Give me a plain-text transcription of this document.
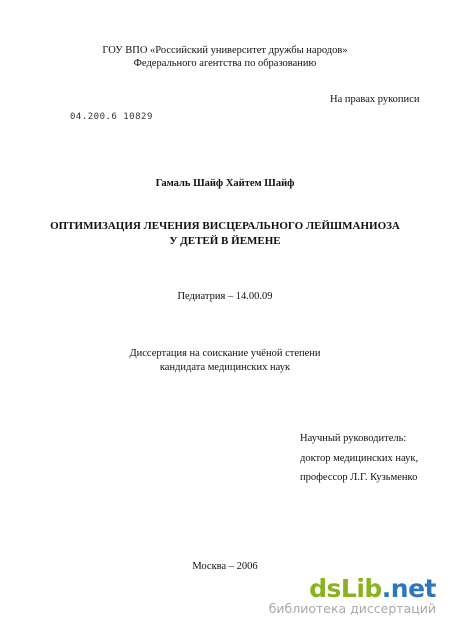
ГОУ ВПО «Российский университет дружбы народов»
Федерального агентства по образованию
На правах рукописи
04.200.6 10829
Гамаль Шайф Хайтем Шайф
ОПТИМИЗАЦИЯ ЛЕЧЕНИЯ ВИСЦЕРАЛЬНОГО ЛЕЙШМАНИОЗА
У ДЕТЕЙ В ЙЕМЕНЕ
Педиатрия – 14.00.09
Диссертация на соискание учёной степени
кандидата медицинских наук
Научный руководитель:
доктор медицинских наук,
профессор Л.Г. Кузьменко
Москва – 2006
dsLib.net
библиотека диссертаций
